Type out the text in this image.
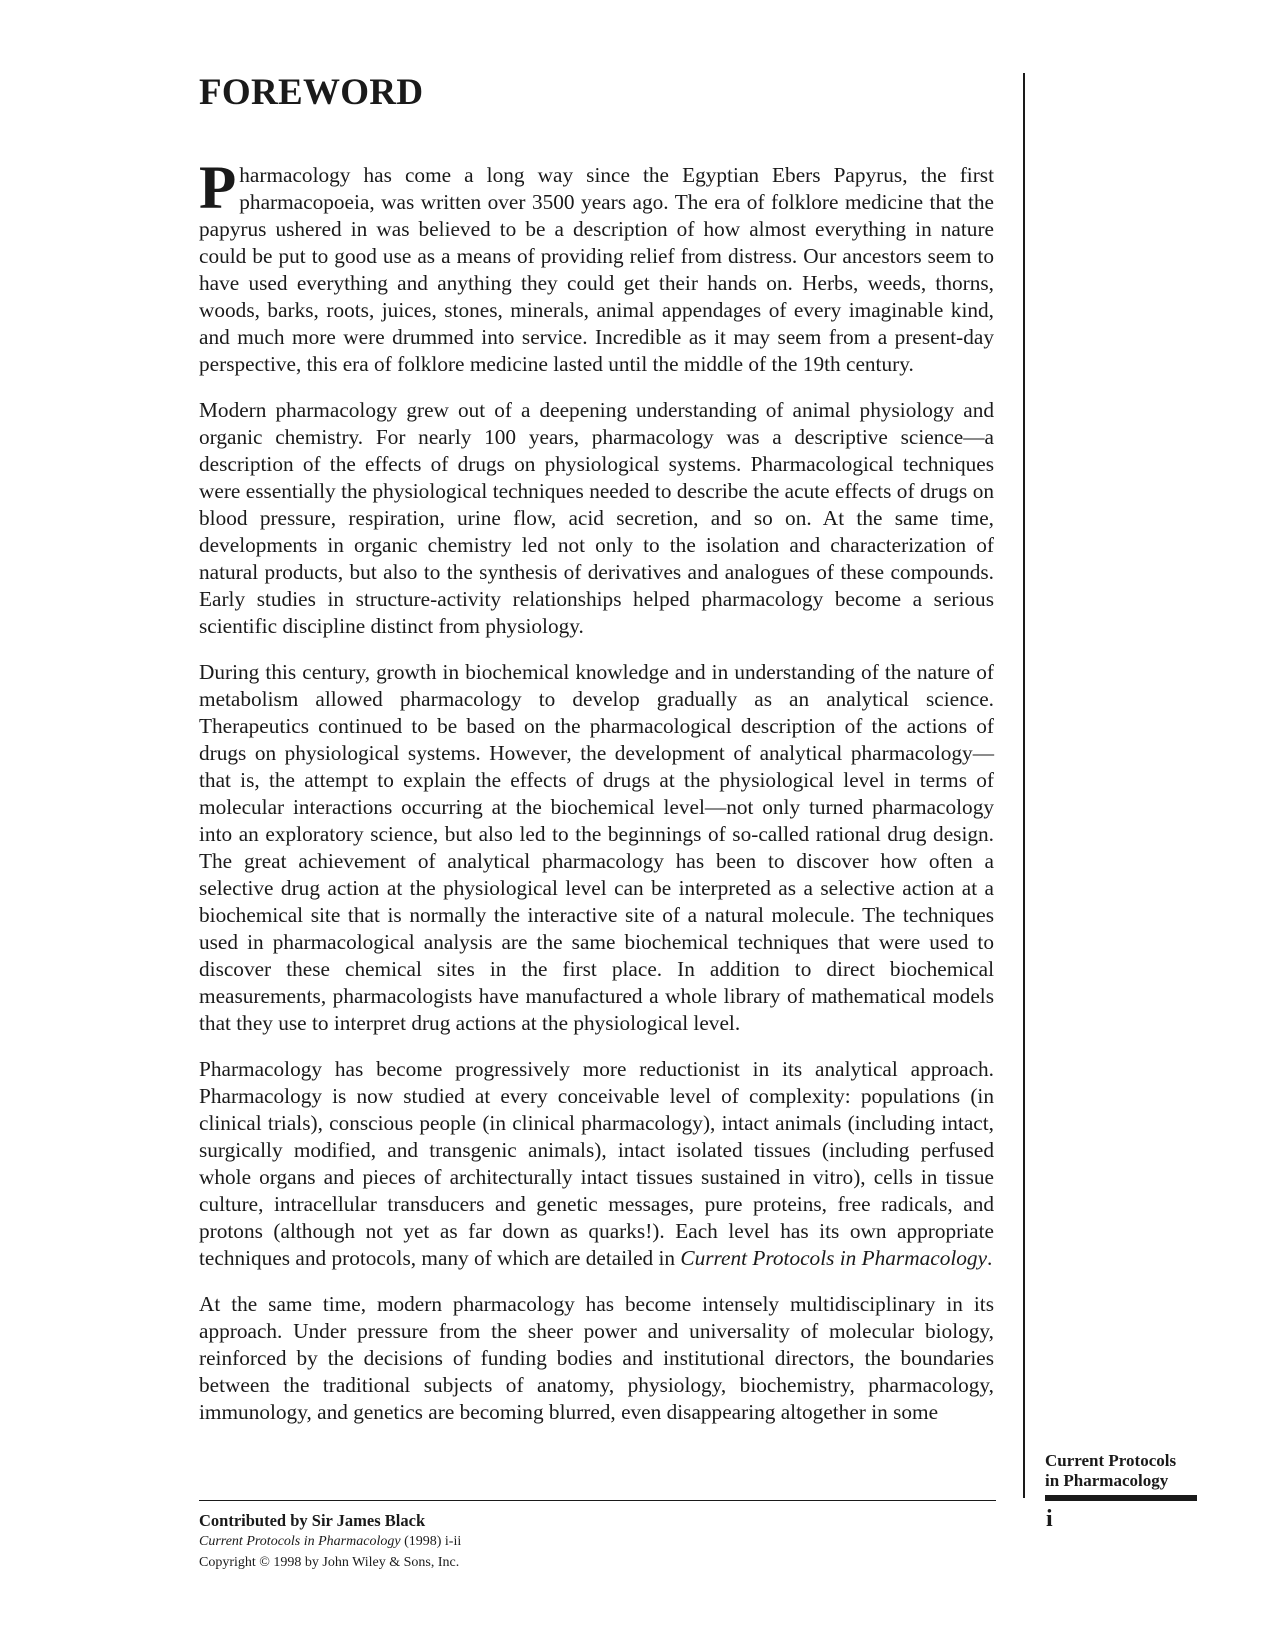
FOREWORD

Pharmacology has come a long way since the Egyptian Ebers Papyrus, the first pharmacopoeia, was written over 3500 years ago. The era of folklore medicine that the papyrus ushered in was believed to be a description of how almost everything in nature could be put to good use as a means of providing relief from distress. Our ancestors seem to have used everything and anything they could get their hands on. Herbs, weeds, thorns, woods, barks, roots, juices, stones, minerals, animal appendages of every imaginable kind, and much more were drummed into service. Incredible as it may seem from a present-day perspective, this era of folklore medicine lasted until the middle of the 19th century.

Modern pharmacology grew out of a deepening understanding of animal physiology and organic chemistry. For nearly 100 years, pharmacology was a descriptive science—a description of the effects of drugs on physiological systems. Pharmacological techniques were essentially the physiological techniques needed to describe the acute effects of drugs on blood pressure, respiration, urine flow, acid secretion, and so on. At the same time, developments in organic chemistry led not only to the isolation and characterization of natural products, but also to the synthesis of derivatives and analogues of these compounds. Early studies in structure-activity relationships helped pharmacology become a serious scientific discipline distinct from physiology.

During this century, growth in biochemical knowledge and in understanding of the nature of metabolism allowed pharmacology to develop gradually as an analytical science. Therapeutics continued to be based on the pharmacological description of the actions of drugs on physiological systems. However, the development of analytical pharmacology—that is, the attempt to explain the effects of drugs at the physiological level in terms of molecular interactions occurring at the biochemical level—not only turned pharmacology into an exploratory science, but also led to the beginnings of so-called rational drug design. The great achievement of analytical pharmacology has been to discover how often a selective drug action at the physiological level can be interpreted as a selective action at a biochemical site that is normally the interactive site of a natural molecule. The techniques used in pharmacological analysis are the same biochemical techniques that were used to discover these chemical sites in the first place. In addition to direct biochemical measurements, pharmacologists have manufactured a whole library of mathematical models that they use to interpret drug actions at the physiological level.

Pharmacology has become progressively more reductionist in its analytical approach. Pharmacology is now studied at every conceivable level of complexity: populations (in clinical trials), conscious people (in clinical pharmacology), intact animals (including intact, surgically modified, and transgenic animals), intact isolated tissues (including perfused whole organs and pieces of architecturally intact tissues sustained in vitro), cells in tissue culture, intracellular transducers and genetic messages, pure proteins, free radicals, and protons (although not yet as far down as quarks!). Each level has its own appropriate techniques and protocols, many of which are detailed in Current Protocols in Pharmacology.

At the same time, modern pharmacology has become intensely multidisciplinary in its approach. Under pressure from the sheer power and universality of molecular biology, reinforced by the decisions of funding bodies and institutional directors, the boundaries between the traditional subjects of anatomy, physiology, biochemistry, pharmacology, immunology, and genetics are becoming blurred, even disappearing altogether in some

Current Protocols
in Pharmacology
i
Contributed by Sir James Black
Current Protocols in Pharmacology (1998) i-ii
Copyright © 1998 by John Wiley & Sons, Inc.
